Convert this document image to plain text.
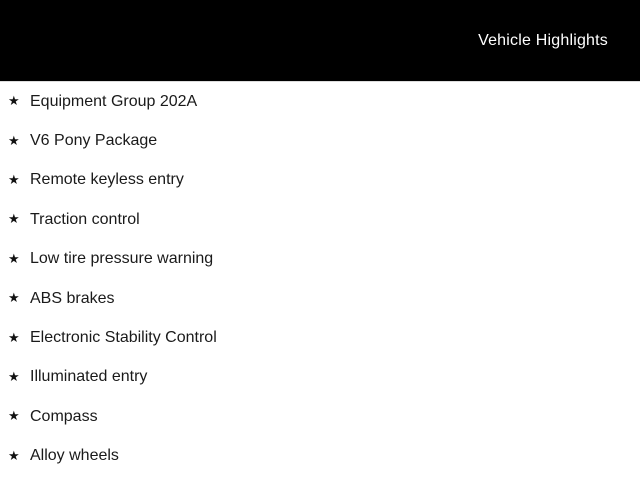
Vehicle Highlights
★ Equipment Group 202A
★ V6 Pony Package
★ Remote keyless entry
★ Traction control
★ Low tire pressure warning
★ ABS brakes
★ Electronic Stability Control
★ Illuminated entry
★ Compass
★ Alloy wheels
